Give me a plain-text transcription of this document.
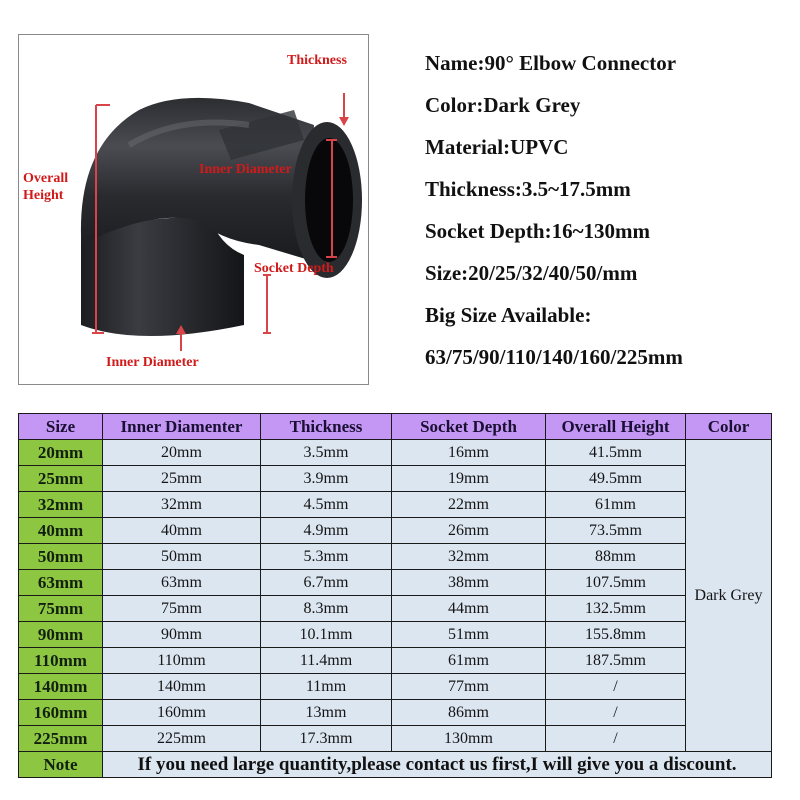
Thickness
Overall
Height
Inner Diameter
Socket Depth
Inner Diameter
Name:90° Elbow Connector
Color:Dark Grey
Material:UPVC
Thickness:3.5~17.5mm
Socket Depth:16~130mm
Size:20/25/32/40/50/mm
Big Size Available:
63/75/90/110/140/160/225mm
Size	Inner Diamenter	Thickness	Socket Depth	Overall Height	Color
20mm	20mm	3.5mm	16mm	41.5mm	Dark Grey
25mm	25mm	3.9mm	19mm	49.5mm	
32mm	32mm	4.5mm	22mm	61mm	
40mm	40mm	4.9mm	26mm	73.5mm	
50mm	50mm	5.3mm	32mm	88mm	
63mm	63mm	6.7mm	38mm	107.5mm	
75mm	75mm	8.3mm	44mm	132.5mm	
90mm	90mm	10.1mm	51mm	155.8mm	
110mm	110mm	11.4mm	61mm	187.5mm	
140mm	140mm	11mm	77mm	/	
160mm	160mm	13mm	86mm	/	
225mm	225mm	17.3mm	130mm	/	
Note	If you need large quantity,please contact us first,I will give you a discount.				
